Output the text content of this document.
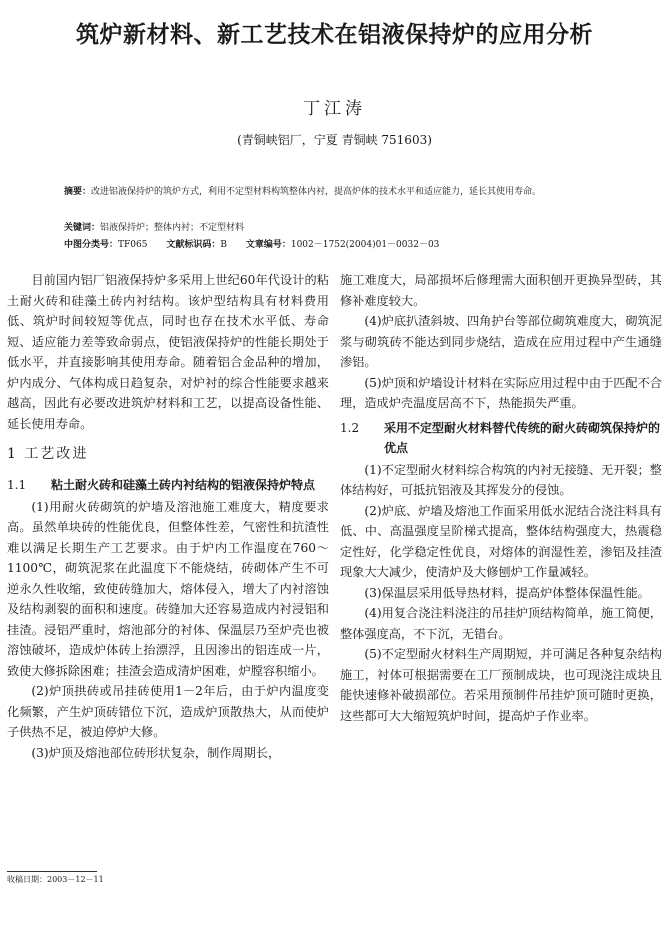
筑炉新材料、新工艺技术在铝液保持炉的应用分析
丁江涛
(青铜峡铝厂，宁夏 青铜峡 751603)
摘要：改进铝液保持炉的筑炉方式，利用不定型材料构筑整体内衬，提高炉体的技术水平和适应能力，延长其使用寿命。
关键词：铝液保持炉；整体内衬；不定型材料
中图分类号：TF065 文献标识码：B 文章编号：1002－1752(2004)01－0032－03

目前国内铝厂铝液保持炉多采用上世纪60年代设计的粘土耐火砖和硅藻土砖内衬结构。该炉型结构具有材料费用低、筑炉时间较短等优点，同时也存在技术水平低、寿命短、适应能力差等致命弱点，使铝液保持炉的性能长期处于低水平，并直接影响其使用寿命。随着铝合金品种的增加，炉内成分、气体构成日趋复杂，对炉衬的综合性能要求越来越高，因此有必要改进筑炉材料和工艺，以提高设备性能、延长使用寿命。

1 工艺改进
1.1 粘土耐火砖和硅藻土砖内衬结构的铝液保持炉特点

(1)用耐火砖砌筑的炉墙及溶池施工难度大，精度要求高。虽然单块砖的性能优良，但整体性差，气密性和抗渣性难以满足长期生产工艺要求。由于炉内工作温度在760～1100℃，砌筑泥浆在此温度下不能烧结，砖砌体产生不可逆永久性收缩，致使砖缝加大，熔体侵入，增大了内衬溶蚀及结构剥裂的面积和速度。砖缝加大还容易造成内衬浸铝和挂渣。浸铝严重时，熔池部分的衬体、保温层乃至炉壳也被溶蚀破坏，造成炉体砖上抬漂浮，且因渗出的铝连成一片，致使大修拆除困难；挂渣会造成清炉困难，炉膛容积缩小。

(2)炉顶拱砖或吊挂砖使用1－2年后，由于炉内温度变化频繁，产生炉顶砖错位下沉，造成炉顶散热大，从而使炉子供热不足，被迫停炉大修。

(3)炉顶及熔池部位砖形状复杂，制作周期长，

施工难度大，局部损坏后修理需大面积刨开更换异型砖，其修补难度较大。

(4)炉底扒渣斜坡、四角护台等部位砌筑难度大，砌筑泥浆与砌筑砖不能达到同步烧结，造成在应用过程中产生通缝渗铝。

(5)炉顶和炉墙设计材料在实际应用过程中由于匹配不合理，造成炉壳温度居高不下，热能损失严重。

1.2 采用不定型耐火材料替代传统的耐火砖砌筑保持炉的优点

(1)不定型耐火材料综合构筑的内衬无接缝、无开裂；整体结构好，可抵抗铝液及其挥发分的侵蚀。

(2)炉底、炉墙及熔池工作面采用低水泥结合浇注料具有低、中、高温强度呈阶梯式提高，整体结构强度大，热震稳定性好，化学稳定性优良，对熔体的润湿性差，渗铝及挂渣现象大大减少，使清炉及大修刨炉工作量减轻。

(3)保温层采用低导热材料，提高炉体整体保温性能。

(4)用复合浇注料浇注的吊挂炉顶结构简单，施工简便，整体强度高，不下沉，无错台。

(5)不定型耐火材料生产周期短，并可满足各种复杂结构施工，衬体可根据需要在工厂预制成块，也可现浇注成块且能快速修补破损部位。若采用预制件吊挂炉顶可随时更换，这些都可大大缩短筑炉时间，提高炉子作业率。

收稿日期：2003－12－11
